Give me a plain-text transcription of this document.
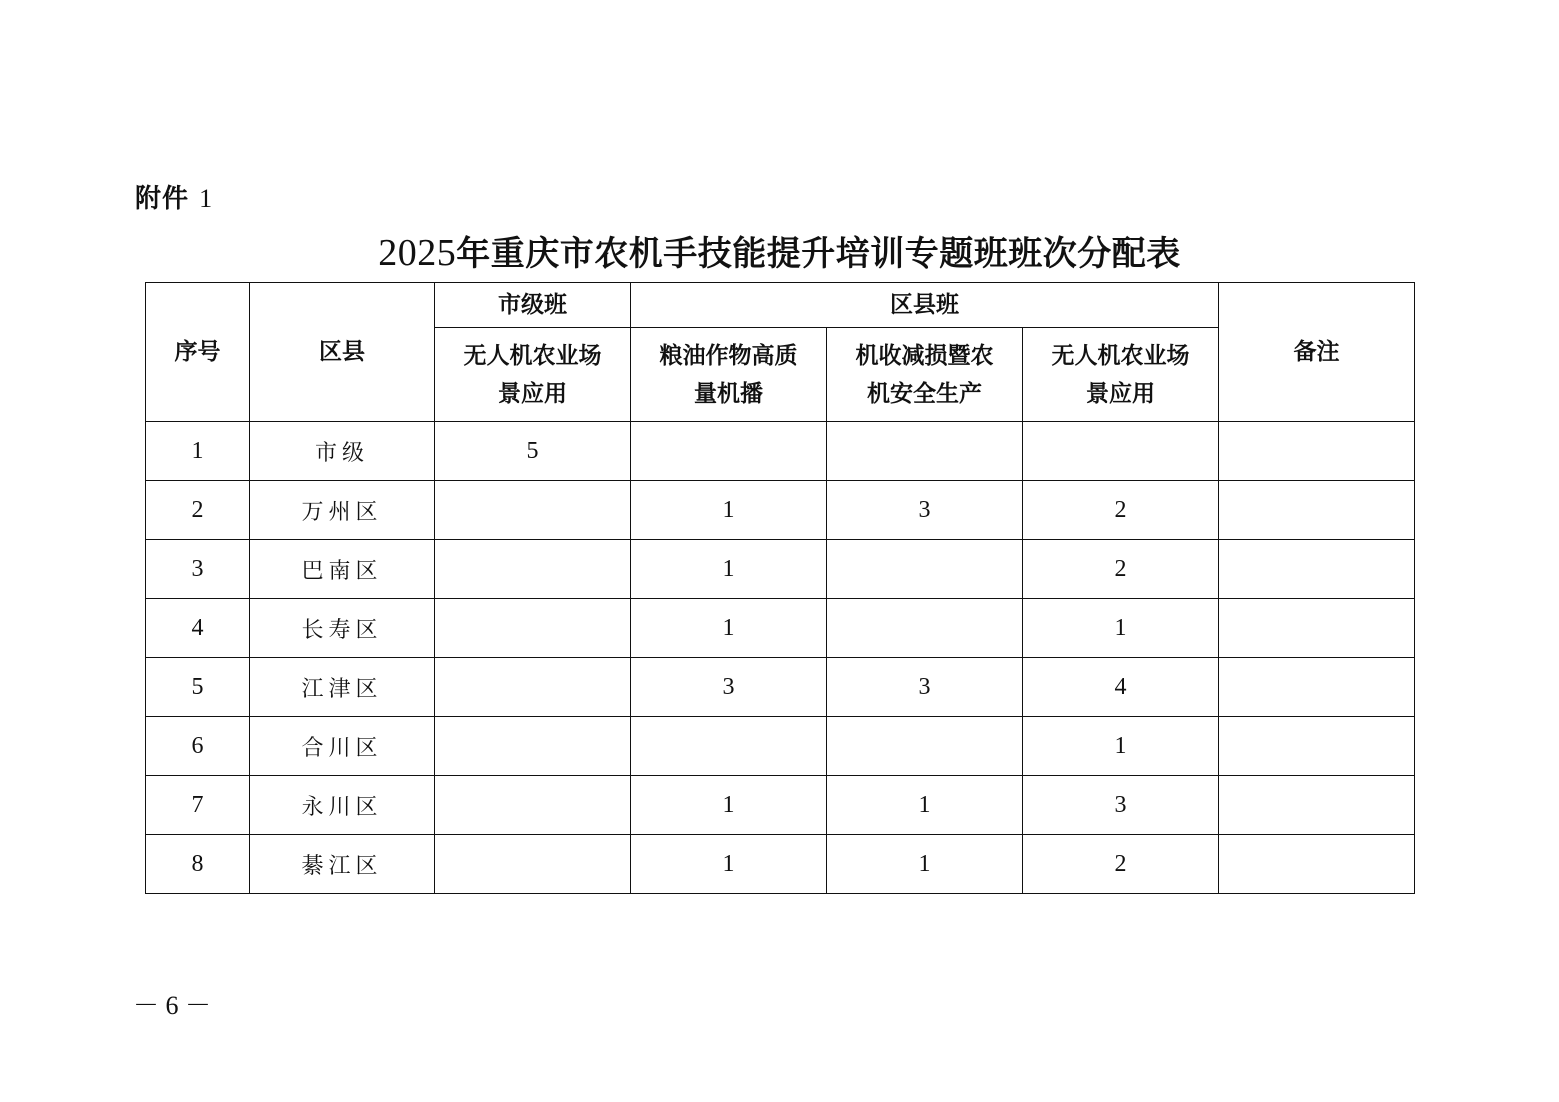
附件 1
2025年重庆市农机手技能提升培训专题班班次分配表
序号	区县	市级班	区县班			备注

		无人机农业场景应用	粮油作物高质量机播	机收减损暨农机安全生产	无人机农业场景应用	

1	市级	5				
2	万州区		1	3	2	
3	巴南区		1		2	
4	长寿区		1		1	
5	江津区		3	3	4	
6	合川区				1	
7	永川区		1	1	3	
8	綦江区		1	1	2	
－ 6 －
